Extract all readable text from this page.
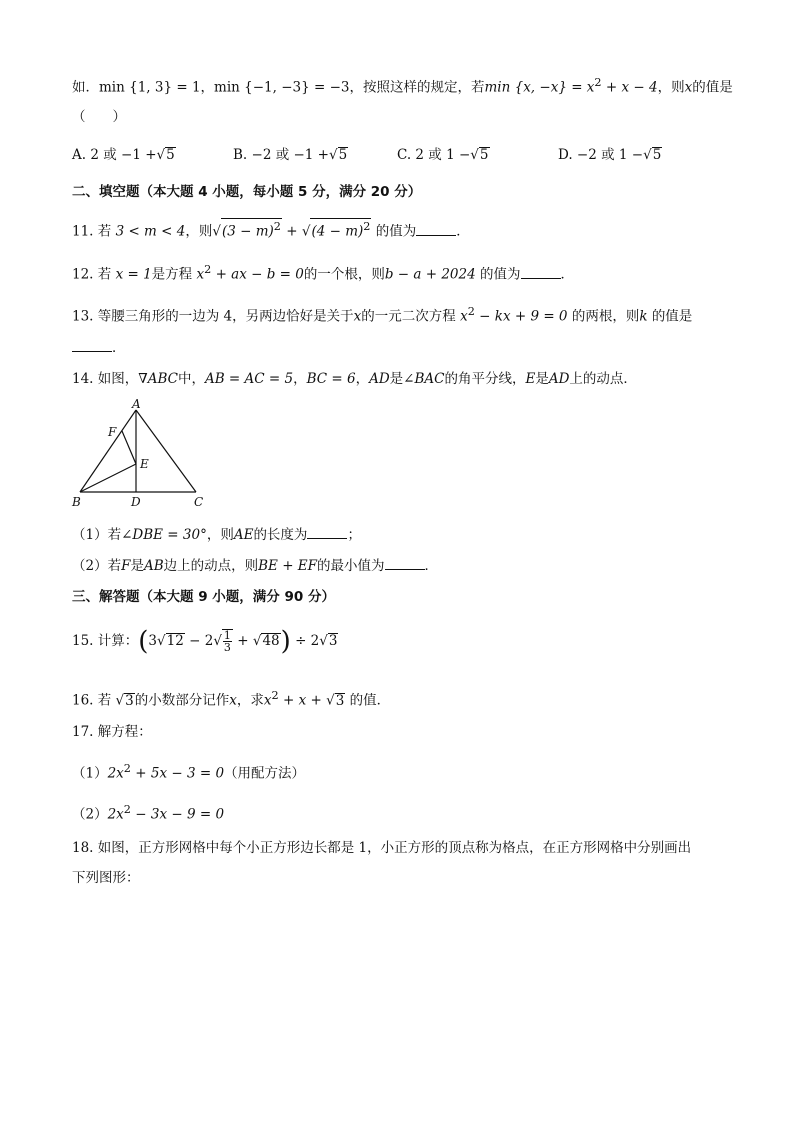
如．min {1, 3} = 1，min {−1, −3} = −3，按照这样的规定，若min {x, $-x\} = x^2 + x - 4$，则x的值是
（　　）
A. 2 或 −1 +√5	B. −2 或 −1 +√5	C. 2 或 1 −√5	D. −2 或 1 −√5
二、填空题（本大题 4 小题，每小题 5 分，满分 20 分）
11. 若 3 < m < 4，则$√(3 - m)^2 + √(4 - m)^2$ 的值为	．
12. 若 x = 1是方程 $x^2$ + ax − b = 0的一个根，则b − a + 2024 的值为	．
13. 等腰三角形的一边为 4，另两边恰好是关于x的一元二次方程 $x^2$ − kx + 9 = 0 的两根，则k 的值是
．
14. 如图，∇ABC中，AB = AC = 5，BC = 6，AD是∠BAC的角平分线，E是AD上的动点．
A
B	C
D
E
F
（1）若∠DBE = 30°，则AE的长度为	；
（2）若F是AB边上的动点，则BE + EF的最小值为	．
三、解答题（本大题 9 小题，满分 90 分）
15. 计算：$(3√12 - 2√ \frac{1}{3} + √48) \div 2√3$
16. 若 √3的小数部分记作x，求$x^2 + x + √3$ 的值．
17. 解方程：
$(1)2x^2 + 5x - 3 = 0$（用配方法）
$(2)2x^2 - 3x - 9 = 0$
18. 如图，正方形网格中每个小正方形边长都是 1，小正方形的顶点称为格点，在正方形网格中分别画出
下列图形：
